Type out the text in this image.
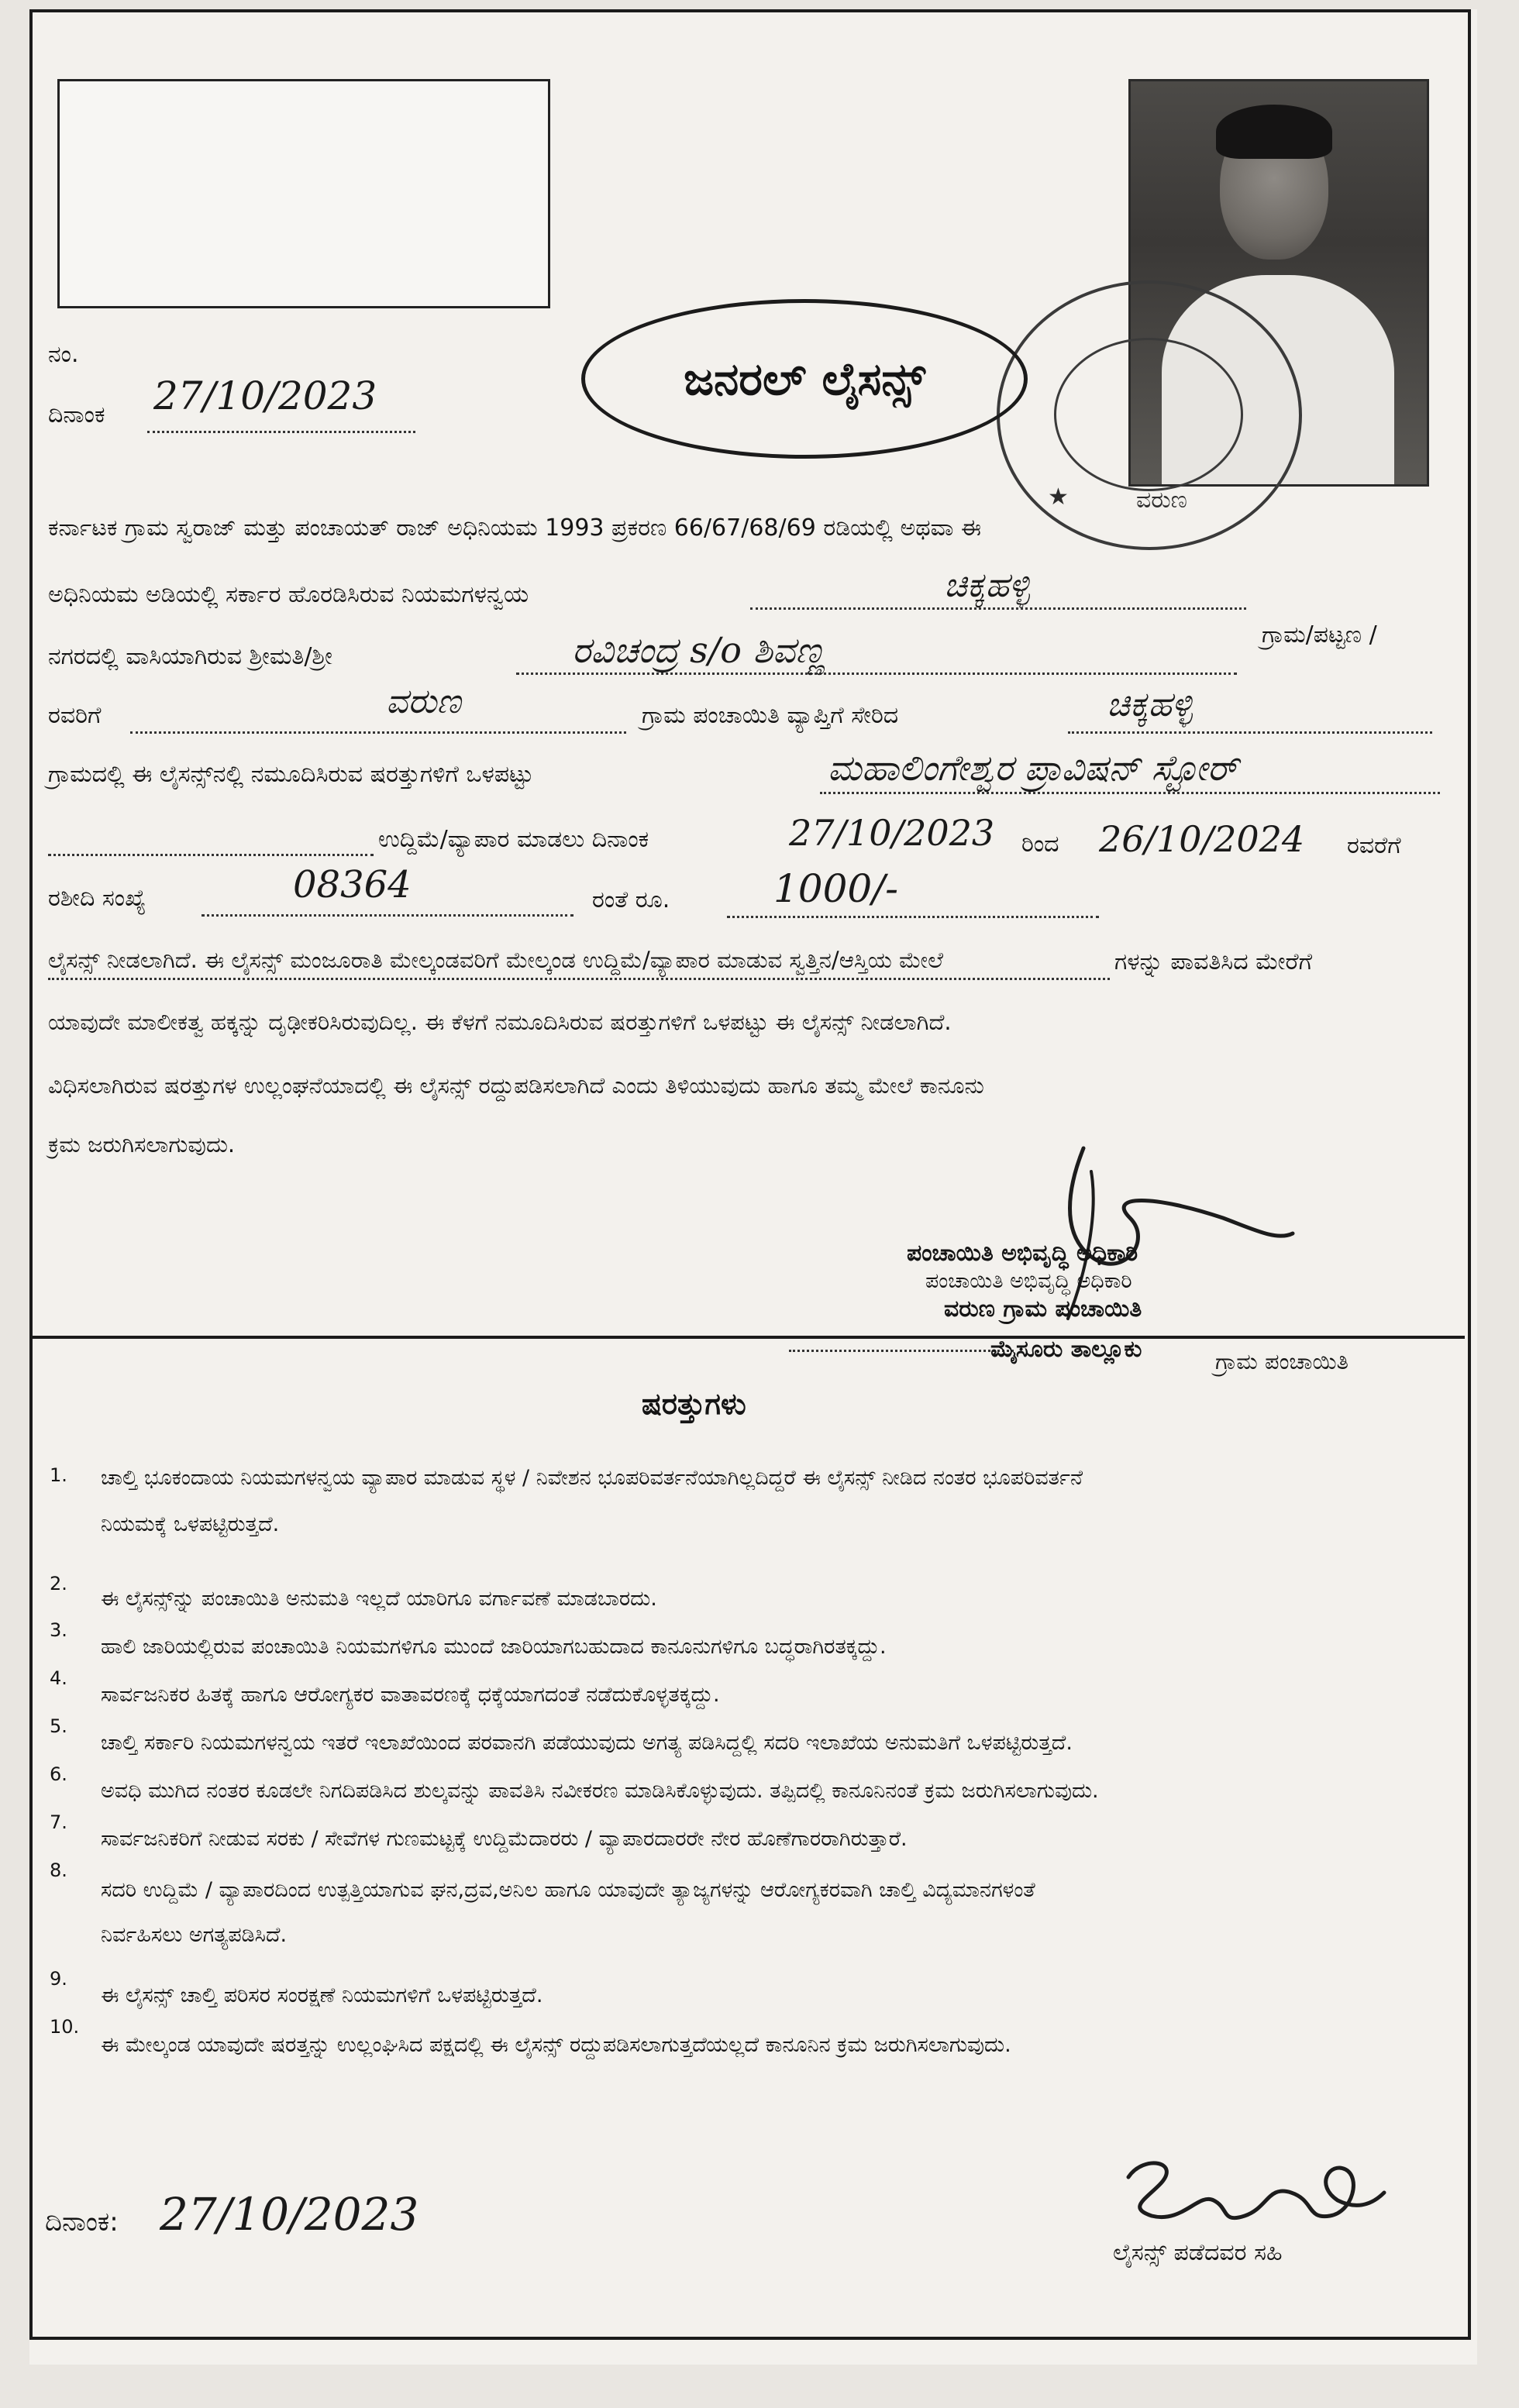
ವರುಣ
★
ಜನರಲ್ ಲೈಸನ್ಸ್
ನಂ.
ದಿನಾಂಕ 27/10/2023
ಕರ್ನಾಟಕ ಗ್ರಾಮ ಸ್ವರಾಜ್ ಮತ್ತು ಪಂಚಾಯತ್ ರಾಜ್ ಅಧಿನಿಯಮ 1993 ಪ್ರಕರಣ 66/67/68/69 ರಡಿಯಲ್ಲಿ ಅಥವಾ ಈ
ಅಧಿನಿಯಮ ಅಡಿಯಲ್ಲಿ ಸರ್ಕಾರ ಹೊರಡಿಸಿರುವ ನಿಯಮಗಳನ್ವಯ	ಚಿಕ್ಕಹಳ್ಳಿ
ಗ್ರಾಮ/ಪಟ್ಟಣ /
ನಗರದಲ್ಲಿ ವಾಸಿಯಾಗಿರುವ ಶ್ರೀಮತಿ/ಶ್ರೀ	ರವಿಚಂದ್ರ s/o ಶಿವಣ್ಣ
ರವರಿಗೆ	ವರುಣ	ಗ್ರಾಮ ಪಂಚಾಯಿತಿ ವ್ಯಾಪ್ತಿಗೆ ಸೇರಿದ	ಚಿಕ್ಕಹಳ್ಳಿ
ಗ್ರಾಮದಲ್ಲಿ ಈ ಲೈಸನ್ಸ್‌ನಲ್ಲಿ ನಮೂದಿಸಿರುವ ಷರತ್ತುಗಳಿಗೆ ಒಳಪಟ್ಟು	ಮಹಾಲಿಂಗೇಶ್ವರ ಪ್ರಾವಿಷನ್ ಸ್ಟೋರ್
ಉದ್ದಿಮೆ/ವ್ಯಾಪಾರ ಮಾಡಲು ದಿನಾಂಕ	27/10/2023 ರಿಂದ 26/10/2024 ರವರೆಗೆ
ರಶೀದಿ ಸಂಖ್ಯೆ	08364	ರಂತೆ ರೂ.	1000/-
ಗಳನ್ನು ಪಾವತಿಸಿದ ಮೇರೆಗೆ
ಲೈಸನ್ಸ್ ನೀಡಲಾಗಿದೆ. ಈ ಲೈಸನ್ಸ್ ಮಂಜೂರಾತಿ ಮೇಲ್ಕಂಡವರಿಗೆ ಮೇಲ್ಕಂಡ ಉದ್ದಿಮೆ/ವ್ಯಾಪಾರ ಮಾಡುವ ಸ್ವತ್ತಿನ/ಆಸ್ತಿಯ ಮೇಲೆ
ಯಾವುದೇ ಮಾಲೀಕತ್ವ ಹಕ್ಕನ್ನು ದೃಢೀಕರಿಸಿರುವುದಿಲ್ಲ. ಈ ಕೆಳಗೆ ನಮೂದಿಸಿರುವ ಷರತ್ತುಗಳಿಗೆ ಒಳಪಟ್ಟು ಈ ಲೈಸನ್ಸ್ ನೀಡಲಾಗಿದೆ.
ವಿಧಿಸಲಾಗಿರುವ ಷರತ್ತುಗಳ ಉಲ್ಲಂಘನೆಯಾದಲ್ಲಿ ಈ ಲೈಸನ್ಸ್ ರದ್ದುಪಡಿಸಲಾಗಿದೆ ಎಂದು ತಿಳಿಯುವುದು ಹಾಗೂ ತಮ್ಮ ಮೇಲೆ ಕಾನೂನು
ಕ್ರಮ ಜರುಗಿಸಲಾಗುವುದು.
ಪಂಚಾಯಿತಿ ಅಭಿವೃದ್ಧಿ ಅಧಿಕಾರಿ
ಪಂಚಾಯಿತಿ ಅಭಿವೃದ್ಧಿ ಅಧಿಕಾರಿ
ವರುಣ ಗ್ರಾಮ ಪಂಚಾಯಿತಿ
ಮೈಸೂರು ತಾಲ್ಲೂಕು	ಗ್ರಾಮ ಪಂಚಾಯಿತಿ
ಷರತ್ತುಗಳು
1. ಚಾಲ್ತಿ ಭೂಕಂದಾಯ ನಿಯಮಗಳನ್ವಯ ವ್ಯಾಪಾರ ಮಾಡುವ ಸ್ಥಳ / ನಿವೇಶನ ಭೂಪರಿವರ್ತನೆಯಾಗಿಲ್ಲದಿದ್ದರೆ ಈ ಲೈಸನ್ಸ್ ನೀಡಿದ ನಂತರ ಭೂಪರಿವರ್ತನೆ
ನಿಯಮಕ್ಕೆ ಒಳಪಟ್ಟಿರುತ್ತದೆ.
2.
ಈ ಲೈಸನ್ಸ್‌ನ್ನು ಪಂಚಾಯಿತಿ ಅನುಮತಿ ಇಲ್ಲದೆ ಯಾರಿಗೂ ವರ್ಗಾವಣೆ ಮಾಡಬಾರದು.
3.
ಹಾಲಿ ಜಾರಿಯಲ್ಲಿರುವ ಪಂಚಾಯಿತಿ ನಿಯಮಗಳಿಗೂ ಮುಂದೆ ಜಾರಿಯಾಗಬಹುದಾದ ಕಾನೂನುಗಳಿಗೂ ಬದ್ಧರಾಗಿರತಕ್ಕದ್ದು.
4.
ಸಾರ್ವಜನಿಕರ ಹಿತಕ್ಕೆ ಹಾಗೂ ಆರೋಗ್ಯಕರ ವಾತಾವರಣಕ್ಕೆ ಧಕ್ಕೆಯಾಗದಂತೆ ನಡೆದುಕೊಳ್ಳತಕ್ಕದ್ದು.
5.
ಚಾಲ್ತಿ ಸರ್ಕಾರಿ ನಿಯಮಗಳನ್ವಯ ಇತರೆ ಇಲಾಖೆಯಿಂದ ಪರವಾನಗಿ ಪಡೆಯುವುದು ಅಗತ್ಯ ಪಡಿಸಿದ್ದಲ್ಲಿ ಸದರಿ ಇಲಾಖೆಯ ಅನುಮತಿಗೆ ಒಳಪಟ್ಟಿರುತ್ತದೆ.
6.
ಅವಧಿ ಮುಗಿದ ನಂತರ ಕೂಡಲೇ ನಿಗದಿಪಡಿಸಿದ ಶುಲ್ಕವನ್ನು ಪಾವತಿಸಿ ನವೀಕರಣ ಮಾಡಿಸಿಕೊಳ್ಳುವುದು. ತಪ್ಪಿದಲ್ಲಿ ಕಾನೂನಿನಂತೆ ಕ್ರಮ ಜರುಗಿಸಲಾಗುವುದು.
7.
ಸಾರ್ವಜನಿಕರಿಗೆ ನೀಡುವ ಸರಕು / ಸೇವೆಗಳ ಗುಣಮಟ್ಟಕ್ಕೆ ಉದ್ದಿಮೆದಾರರು / ವ್ಯಾಪಾರದಾರರೇ ನೇರ ಹೊಣೆಗಾರರಾಗಿರುತ್ತಾರೆ.
8.
ಸದರಿ ಉದ್ದಿಮೆ / ವ್ಯಾಪಾರದಿಂದ ಉತ್ಪತ್ತಿಯಾಗುವ ಘನ,ದ್ರವ,ಅನಿಲ ಹಾಗೂ ಯಾವುದೇ ತ್ಯಾಜ್ಯಗಳನ್ನು ಆರೋಗ್ಯಕರವಾಗಿ ಚಾಲ್ತಿ ವಿದ್ಯಮಾನಗಳಂತೆ
ನಿರ್ವಹಿಸಲು ಅಗತ್ಯಪಡಿಸಿದೆ.
9.
ಈ ಲೈಸನ್ಸ್ ಚಾಲ್ತಿ ಪರಿಸರ ಸಂರಕ್ಷಣೆ ನಿಯಮಗಳಿಗೆ ಒಳಪಟ್ಟಿರುತ್ತದೆ.
10.
ಈ ಮೇಲ್ಕಂಡ ಯಾವುದೇ ಷರತ್ತನ್ನು ಉಲ್ಲಂಘಿಸಿದ ಪಕ್ಷದಲ್ಲಿ ಈ ಲೈಸನ್ಸ್ ರದ್ದುಪಡಿಸಲಾಗುತ್ತದೆಯಲ್ಲದೆ ಕಾನೂನಿನ ಕ್ರಮ ಜರುಗಿಸಲಾಗುವುದು.
ದಿನಾಂಕ: 27/10/2023
ಲೈಸನ್ಸ್ ಪಡೆದವರ ಸಹಿ
